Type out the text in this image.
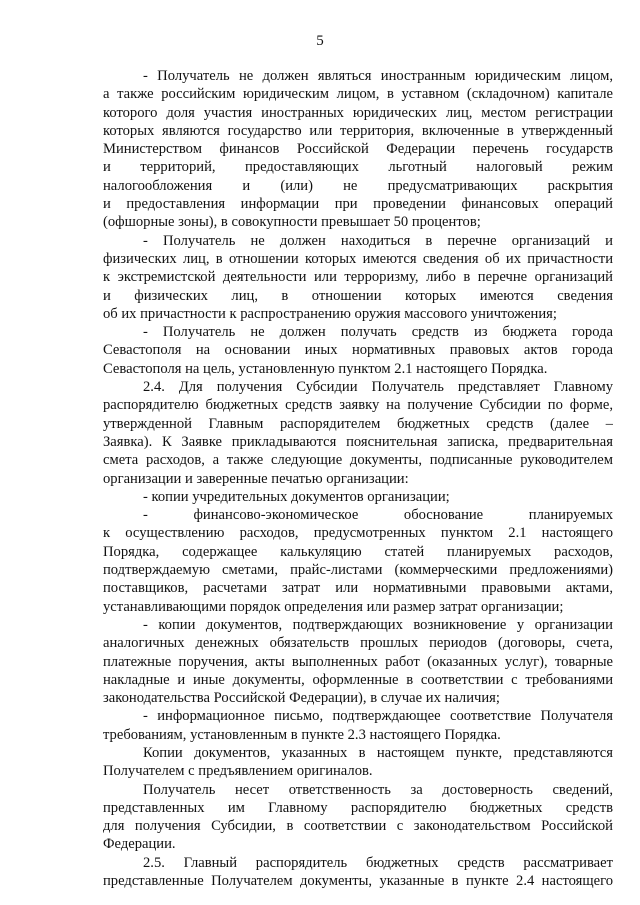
5
- Получатель не должен являться иностранным юридическим лицом,
а также российским юридическим лицом, в уставном (складочном) капитале
которого доля участия иностранных юридических лиц, местом регистрации
которых являются государство или территория, включенные в утвержденный
Министерством финансов Российской Федерации перечень государств
и территорий, предоставляющих льготный налоговый режим
налогообложения и (или) не предусматривающих раскрытия
и предоставления информации при проведении финансовых операций
(офшорные зоны), в совокупности превышает 50 процентов;
- Получатель не должен находиться в перечне организаций и
физических лиц, в отношении которых имеются сведения об их причастности
к экстремистской деятельности или терроризму, либо в перечне организаций
и физических лиц, в отношении которых имеются сведения
об их причастности к распространению оружия массового уничтожения;
- Получатель не должен получать средств из бюджета города
Севастополя на основании иных нормативных правовых актов города
Севастополя на цель, установленную пунктом 2.1 настоящего Порядка.
2.4. Для получения Субсидии Получатель представляет Главному
распорядителю бюджетных средств заявку на получение Субсидии по форме,
утвержденной Главным распорядителем бюджетных средств (далее –
Заявка). К Заявке прикладываются пояснительная записка, предварительная
смета расходов, а также следующие документы, подписанные руководителем
организации и заверенные печатью организации:
- копии учредительных документов организации;
- финансово-экономическое обоснование планируемых
к осуществлению расходов, предусмотренных пунктом 2.1 настоящего
Порядка, содержащее калькуляцию статей планируемых расходов,
подтверждаемую сметами, прайс-листами (коммерческими предложениями)
поставщиков, расчетами затрат или нормативными правовыми актами,
устанавливающими порядок определения или размер затрат организации;
- копии документов, подтверждающих возникновение у организации
аналогичных денежных обязательств прошлых периодов (договоры, счета,
платежные поручения, акты выполненных работ (оказанных услуг), товарные
накладные и иные документы, оформленные в соответствии с требованиями
законодательства Российской Федерации), в случае их наличия;
- информационное письмо, подтверждающее соответствие Получателя
требованиям, установленным в пункте 2.3 настоящего Порядка.
Копии документов, указанных в настоящем пункте, представляются
Получателем с предъявлением оригиналов.
Получатель несет ответственность за достоверность сведений,
представленных им Главному распорядителю бюджетных средств
для получения Субсидии, в соответствии с законодательством Российской
Федерации.
2.5. Главный распорядитель бюджетных средств рассматривает
представленные Получателем документы, указанные в пункте 2.4 настоящего
